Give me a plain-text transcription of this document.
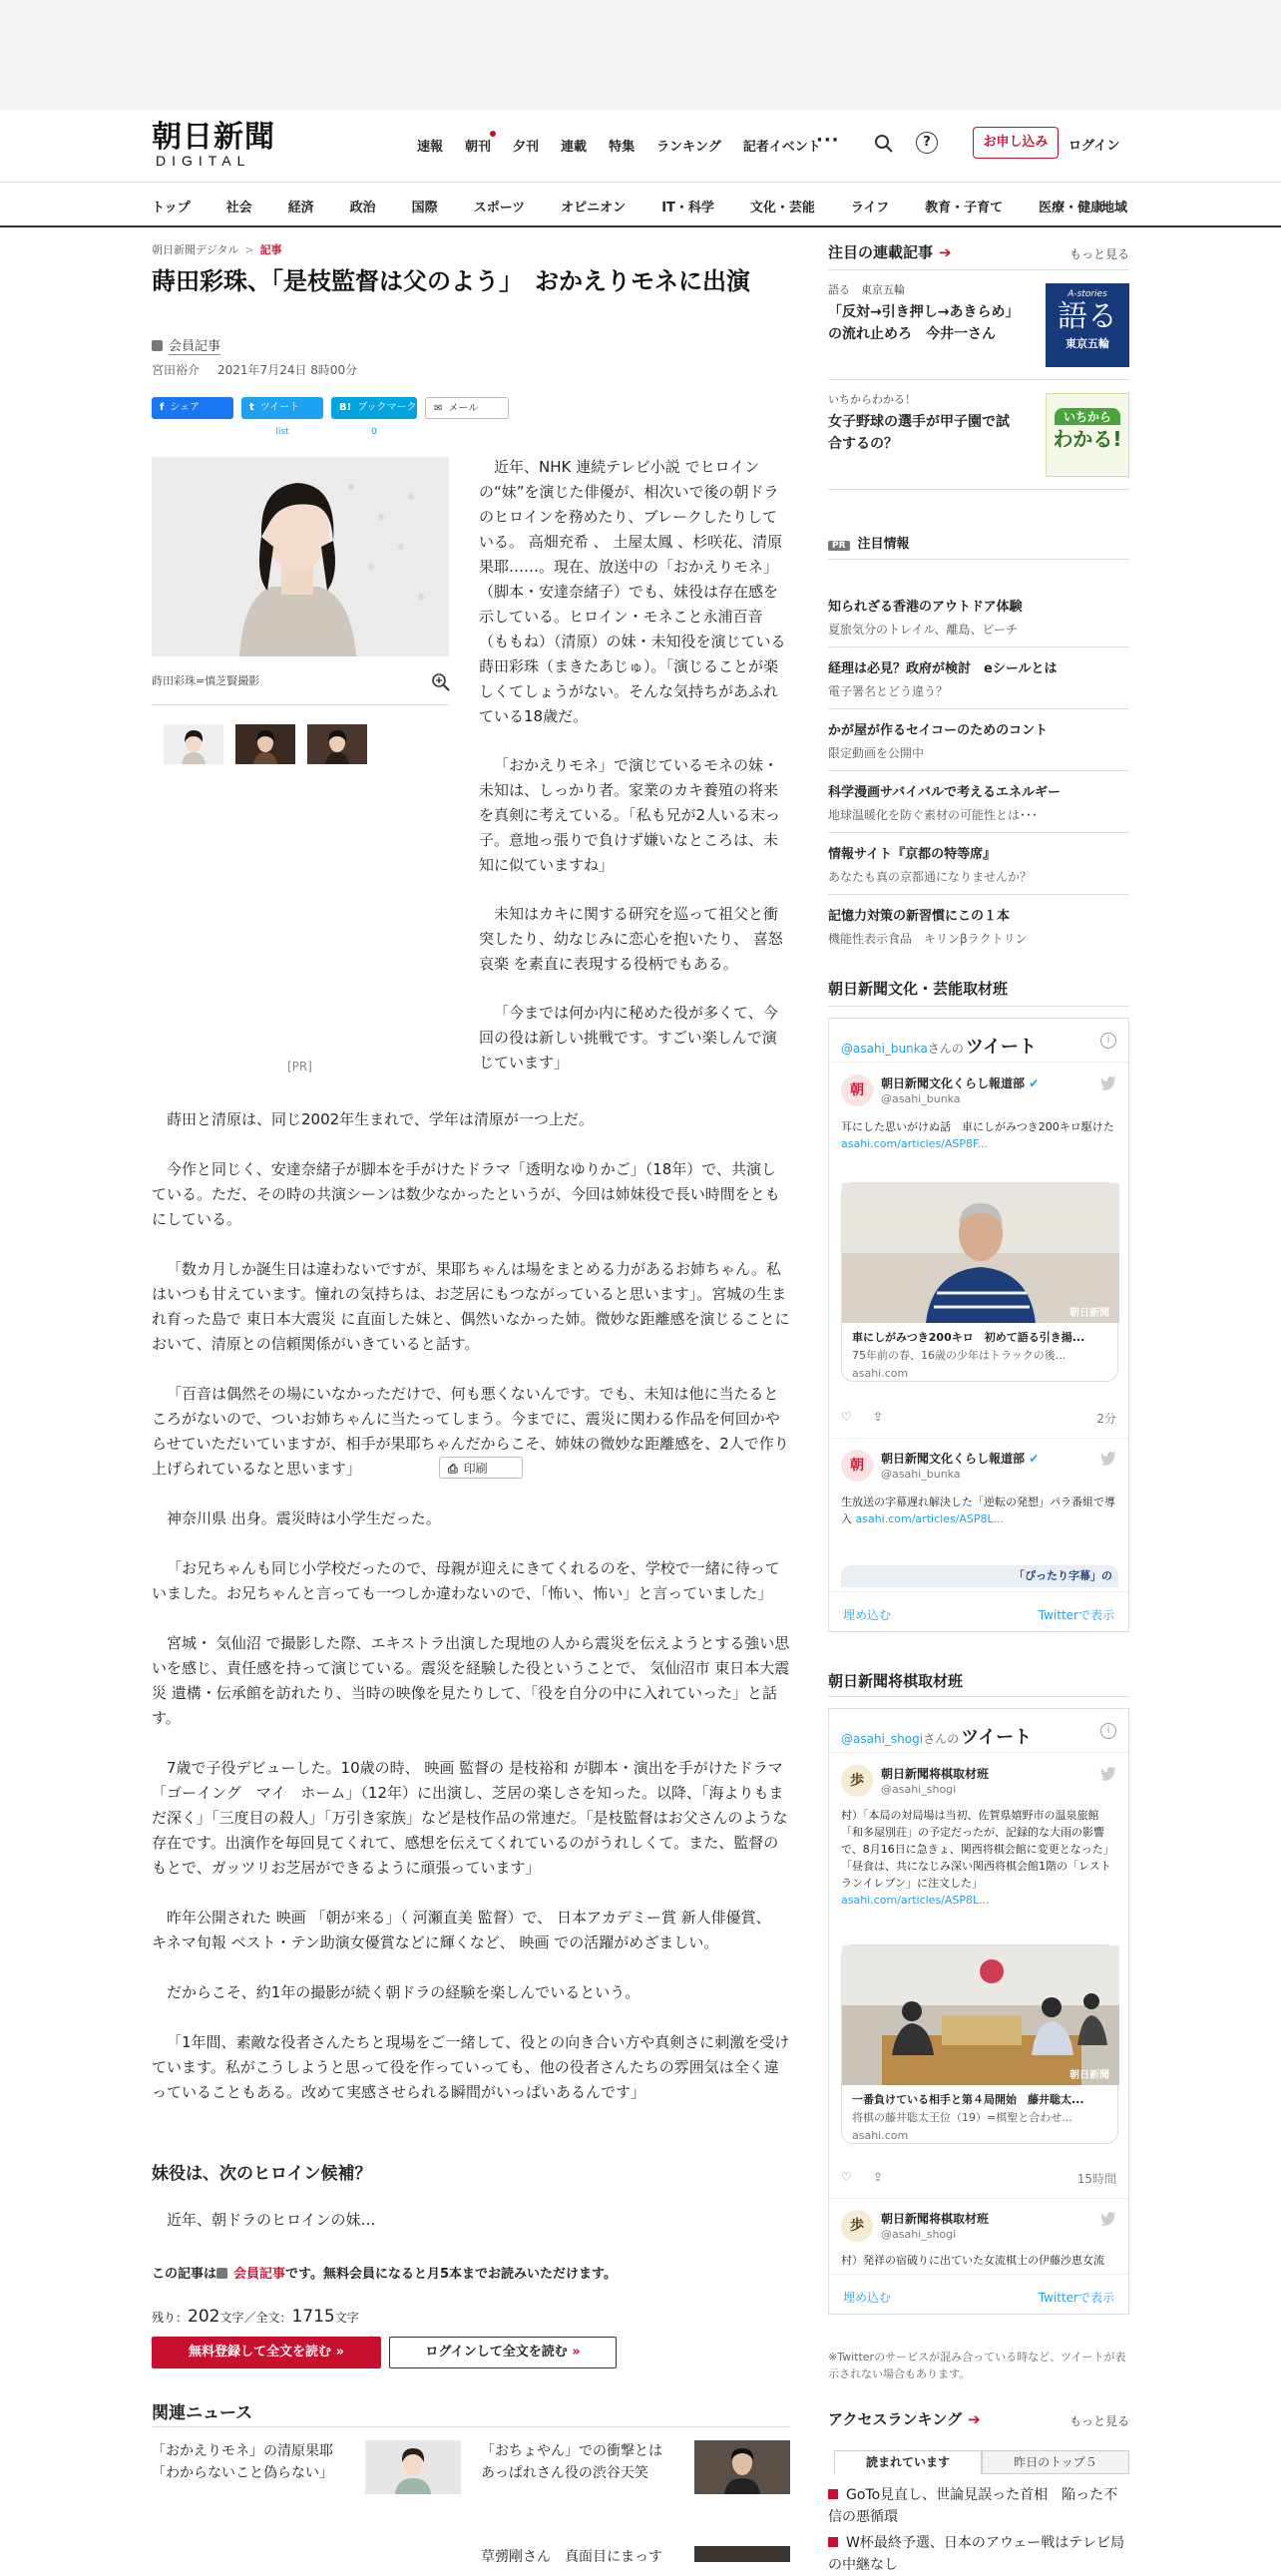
朝日新聞
DIGITAL
速報 朝刊 夕刊 連載 特集 ランキング 記者イベント
···	?	お申し込み	ログイン
トップ	社会	経済	政治	国際	スポーツ	オピニオン	IT・科学	文化・芸能	ライフ	教育・子育て	医療・健康
地域
朝日新聞デジタル > 記事
蒔田彩珠、「是枝監督は父のよう」　おかえりモネに出演
会員記事
宮田裕介 2021年7月24日 8時00分
f シェア	t ツイート
list
B! ブックマーク
0
✉ メール
⎙ 印刷
蒔田彩珠=慎芝賢撮影
[PR]

近年、NHK 連続テレビ小説 でヒロインの“妹”を演じた俳優が、相次いで後の朝ドラのヒロインを務めたり、ブレークしたりしている。 高畑充希 、 土屋太鳳 、杉咲花、清原果耶……。現在、放送中の「おかえりモネ」（脚本・安達奈緒子）でも、妹役は存在感を示している。ヒロイン・モネこと永浦百音（ももね）（清原）の妹・未知役を演じている蒔田彩珠（まきたあじゅ）。「演じることが楽しくてしょうがない。そんな気持ちがあふれている18歳だ。

「おかえりモネ」で演じているモネの妹・未知は、しっかり者。家業のカキ養殖の将来を真剣に考えている。「私も兄が2人いる末っ子。意地っ張りで負けず嫌いなところは、未知に似ていますね」

未知はカキに関する研究を巡って祖父と衝突したり、幼なじみに恋心を抱いたり、 喜怒哀楽 を素直に表現する役柄でもある。

「今までは何か内に秘めた役が多くて、今回の役は新しい挑戦です。すごい楽しんで演じています」

蒔田と清原は、同じ2002年生まれで、学年は清原が一つ上だ。

今作と同じく、安達奈緒子が脚本を手がけたドラマ「透明なゆりかご」（18年）で、共演している。ただ、その時の共演シーンは数少なかったというが、今回は姉妹役で長い時間をともにしている。

「数カ月しか誕生日は違わないですが、果耶ちゃんは場をまとめる力があるお姉ちゃん。私はいつも甘えています。憧れの気持ちは、お芝居にもつながっていると思います」。宮城の生まれ育った島で 東日本大震災 に直面した妹と、偶然いなかった姉。微妙な距離感を演じることにおいて、清原との信頼関係がいきていると話す。

「百音は偶然その場にいなかっただけで、何も悪くないんです。でも、未知は他に当たるところがないので、ついお姉ちゃんに当たってしまう。今までに、震災に関わる作品を何回かやらせていただいていますが、相手が果耶ちゃんだからこそ、姉妹の微妙な距離感を、2人で作り上げられているなと思います」

神奈川県 出身。震災時は小学生だった。

「お兄ちゃんも同じ小学校だったので、母親が迎えにきてくれるのを、学校で一緒に待っていました。お兄ちゃんと言っても一つしか違わないので、「怖い、怖い」と言っていました」

宮城・ 気仙沼 で撮影した際、エキストラ出演した現地の人から震災を伝えようとする強い思いを感じ、責任感を持って演じている。震災を経験した役ということで、 気仙沼市 東日本大震災 遺構・伝承館を訪れたり、当時の映像を見たりして、「役を自分の中に入れていった」と話す。

7歳で子役デビューした。10歳の時、 映画 監督の 是枝裕和 が脚本・演出を手がけたドラマ「ゴーイング　マイ　ホーム」（12年）に出演し、芝居の楽しさを知った。以降、「海よりもまだ深く」「三度目の殺人」「万引き家族」など是枝作品の常連だ。「是枝監督はお父さんのような存在です。出演作を毎回見てくれて、感想を伝えてくれているのがうれしくて。また、監督のもとで、ガッツリお芝居ができるように頑張っています」

昨年公開された 映画 「朝が来る」（ 河瀬直美 監督）で、 日本アカデミー賞 新人俳優賞、 キネマ旬報 ベスト・テン助演女優賞などに輝くなど、 映画 での活躍がめざましい。

だからこそ、約1年の撮影が続く朝ドラの経験を楽しんでいるという。

「1年間、素敵な役者さんたちと現場をご一緒して、役との向き合い方や真剣さに刺激を受けています。私がこうしようと思って役を作っていっても、他の役者さんたちの雰囲気は全く違っていることもある。改めて実感させられる瞬間がいっぱいあるんです」

妹役は、次のヒロイン候補？
近年、朝ドラのヒロインの妹…
この記事は 会員記事です。無料会員になると月5本までお読みいただけます。
残り：202文字／全文：1715文字
無料登録して全文を読む »	ログインして全文を読む »
関連ニュース
「おかえりモネ」の清原果耶「わからないこと偽らない」
「おちょやん」での衝撃とは　あっぱれさん役の渋谷天笑
草彅剛さん　真面目にまっす
注目の連載記事 ➔	もっと見る
語る　東京五輪
「反対→引き押し→あきらめ」の流れ止めろ　今井一さん
A-stories
語る
東京五輪
いちからわかる！
女子野球の選手が甲子園で試合するの？
いちから
わかる!
PR 注目情報
知られざる香港のアウトドア体験
夏旅気分のトレイル、離島、ビーチ
経理は必見？政府が検討　eシールとは
電子署名とどう違う？
かが屋が作るセイコーのためのコント
限定動画を公開中
科学漫画サバイバルで考えるエネルギー
地球温暖化を防ぐ素材の可能性とは･･･
情報サイト『京都の特等席』
あなたも真の京都通になりませんか？
記憶力対策の新習慣にこの１本
機能性表示食品　キリンβラクトリン
朝日新聞文化・芸能取材班
@asahi_bunkaさんの ツイート	i
朝	朝日新聞文化くらし報道部 ✔
@asahi_bunka
耳にした思いがけぬ話　車にしがみつき200キロ駆けた asahi.com/articles/ASP8F...
朝日新聞
車にしがみつき200キロ　初めて語る引き揚...
75年前の春、16歳の少年はトラックの後...
asahi.com
♡ ⇪	2分
朝	朝日新聞文化くらし報道部 ✔
@asahi_bunka
生放送の字幕遅れ解決した「逆転の発想」パラ番組で導入 asahi.com/articles/ASP8L...
「ぴったり字幕」の
埋め込む	Twitterで表示
朝日新聞将棋取材班
@asahi_shogiさんの ツイート	i
歩	朝日新聞将棋取材班
@asahi_shogi
村）「本局の対局場は当初、佐賀県嬉野市の温泉旅館「和多屋別荘」の予定だったが、記録的な大雨の影響で、8月16日に急きょ、関西将棋会館に変更となった」「昼食は、共になじみ深い関西将棋会館1階の「レストランイレブン」に注文した」 asahi.com/articles/ASP8L...
朝日新聞
一番負けている相手と第４局開始　藤井聡太...
将棋の藤井聡太王位（19）=棋聖と合わせ...
asahi.com
♡ ⇪	15時間
歩	朝日新聞将棋取材班
@asahi_shogi
村）発祥の宿破りに出ていた女流棋士の伊藤沙恵女流
埋め込む	Twitterで表示
※Twitterのサービスが混み合っている時など、ツイートが表示されない場合もあります。
アクセスランキング ➔	もっと見る
読まれています	昨日のトップ５
GoTo見直し、世論見誤った首相　陥った不信の悪循環
W杯最終予選、日本のアウェー戦はテレビ局の中継なし
